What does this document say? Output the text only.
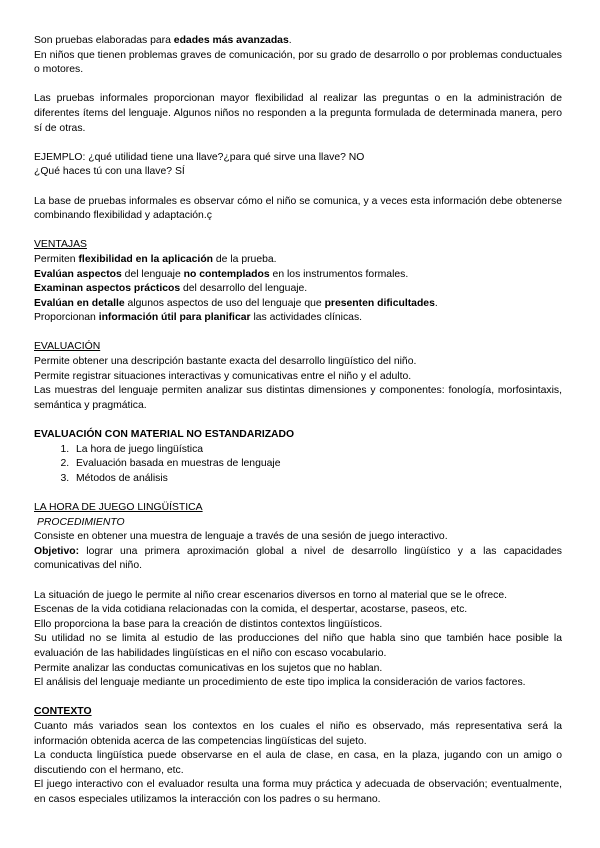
Son pruebas elaboradas para edades más avanzadas.

En niños que tienen problemas graves de comunicación, por su grado de desarrollo o por problemas conductuales o motores.

Las pruebas informales proporcionan mayor flexibilidad al realizar las preguntas o en la administración de diferentes ítems del lenguaje. Algunos niños no responden a la pregunta formulada de determinada manera, pero sí de otras.

EJEMPLO: ¿qué utilidad tiene una llave?¿para qué sirve una llave? NO

¿Qué haces tú con una llave? SÍ

La base de pruebas informales es observar cómo el niño se comunica, y a veces esta información debe obtenerse combinando flexibilidad y adaptación.ç

VENTAJAS

Permiten flexibilidad en la aplicación de la prueba.

Evalúan aspectos del lenguaje no contemplados en los instrumentos formales.

Examinan aspectos prácticos del desarrollo del lenguaje.

Evalúan en detalle algunos aspectos de uso del lenguaje que presenten dificultades.

Proporcionan información útil para planificar las actividades clínicas.

EVALUACIÓN

Permite obtener una descripción bastante exacta del desarrollo lingüístico del niño.

Permite registrar situaciones interactivas y comunicativas entre el niño y el adulto.

Las muestras del lenguaje permiten analizar sus distintas dimensiones y componentes: fonología, morfosintaxis, semántica y pragmática.

EVALUACIÓN CON MATERIAL NO ESTANDARIZADO

1. La hora de juego lingüística
2. Evaluación basada en muestras de lenguaje
3. Métodos de análisis

LA HORA DE JUEGO LINGÜÍSTICA

PROCEDIMIENTO

Consiste en obtener una muestra de lenguaje a través de una sesión de juego interactivo.

Objetivo: lograr una primera aproximación global a nivel de desarrollo lingüístico y a las capacidades comunicativas del niño.

La situación de juego le permite al niño crear escenarios diversos en torno al material que se le ofrece.

Escenas de la vida cotidiana relacionadas con la comida, el despertar, acostarse, paseos, etc.

Ello proporciona la base para la creación de distintos contextos lingüísticos.

Su utilidad no se limita al estudio de las producciones del niño que habla sino que también hace posible la evaluación de las habilidades lingüísticas en el niño con escaso vocabulario.

Permite analizar las conductas comunicativas en los sujetos que no hablan.

El análisis del lenguaje mediante un procedimiento de este tipo implica la consideración de varios factores.

CONTEXTO

Cuanto más variados sean los contextos en los cuales el niño es observado, más representativa será la información obtenida acerca de las competencias lingüísticas del sujeto.

La conducta lingüística puede observarse en el aula de clase, en casa, en la plaza, jugando con un amigo o discutiendo con el hermano, etc.

El juego interactivo con el evaluador resulta una forma muy práctica y adecuada de observación; eventualmente, en casos especiales utilizamos la interacción con los padres o su hermano.
